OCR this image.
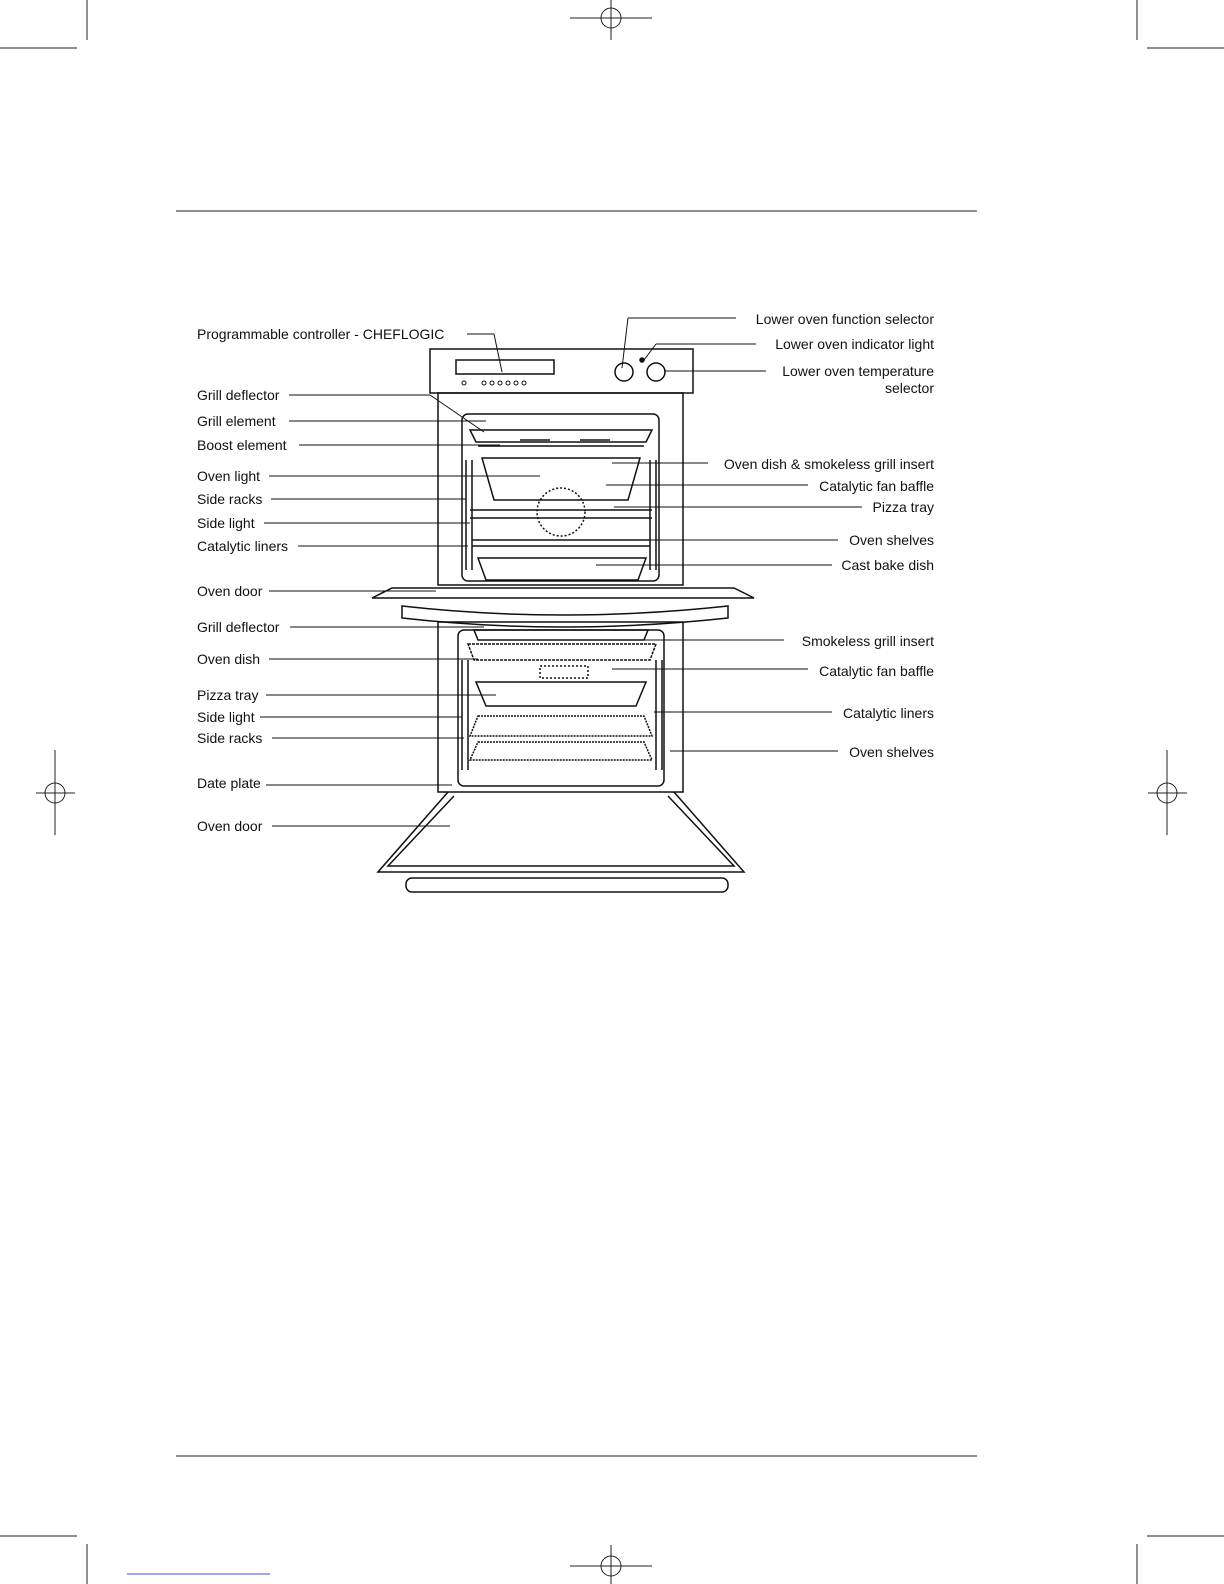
Programmable controller - CHEFLOGIC
Grill deflector
Grill element
Boost element
Oven light
Side racks
Side light
Catalytic liners
Oven door
Grill deflector
Oven dish
Pizza tray
Side light
Side racks
Date plate
Oven door
Lower oven function selector
Lower oven indicator light
Lower oven temperature
selector
Oven dish & smokeless grill insert
Catalytic fan baffle
Pizza tray
Oven shelves
Cast bake dish
Smokeless grill insert
Catalytic fan baffle
Catalytic liners
Oven shelves
